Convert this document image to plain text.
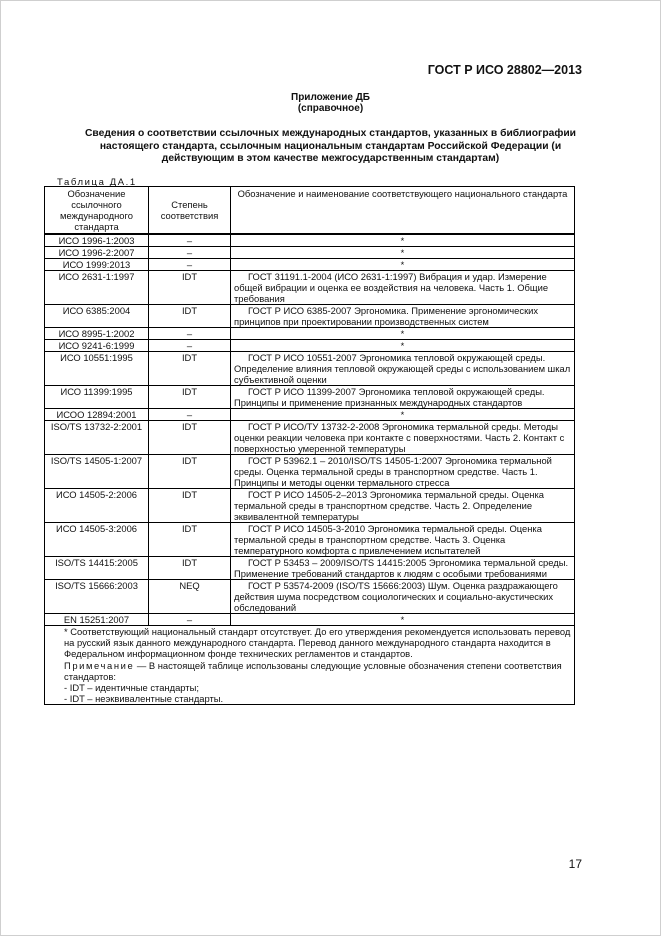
ГОСТ Р ИСО 28802—2013
Приложение ДБ
(справочное)
Сведения о соответствии ссылочных международных стандартов, указанных в библиографии
настоящего стандарта, ссылочным национальным стандартам Российской Федерации (и
действующим в этом качестве межгосударственным стандартам)
Таблица ДА.1
Обозначение ссылочного международного стандарта	Степень соответствия	Обозначение и наименование соответствующего национального стандарта
ИСО 1996-1:2003	–	*
ИСО 1996-2:2007	–	*
ИСО 1999:2013	–	*
ИСО 2631-1:1997	IDT	ГОСТ 31191.1-2004 (ИСО 2631-1:1997) Вибрация и удар. Измерение общей вибрации и оценка ее воздействия на человека. Часть 1. Общие требования
ИСО 6385:2004	IDT	ГОСТ Р ИСО 6385-2007 Эргономика. Применение эргономических принципов при проектировании производственных систем
ИСО 8995-1:2002	–	*
ИСО 9241-6:1999	–	*
ИСО 10551:1995	IDT	ГОСТ Р ИСО 10551-2007 Эргономика тепловой окружающей среды. Определение влияния тепловой окружающей среды с использованием шкал субъективной оценки
ИСО 11399:1995	IDT	ГОСТ Р ИСО 11399-2007 Эргономика тепловой окружающей среды. Принципы и применение признанных международных стандартов
ИСОО 12894:2001	–	*
ISO/TS 13732-2:2001	IDT	ГОСТ Р ИСО/ТУ 13732-2-2008 Эргономика термальной среды. Методы оценки реакции человека при контакте с поверхностями. Часть 2. Контакт с поверхностью умеренной температуры
ISO/TS 14505-1:2007	IDT	ГОСТ Р 53962.1 – 2010/ISO/TS 14505-1:2007 Эргономика термальной среды. Оценка термальной среды в транспортном средстве. Часть 1. Принципы и методы оценки термального стресса
ИСО 14505-2:2006	IDT	ГОСТ Р ИСО 14505-2–2013 Эргономика термальной среды. Оценка термальной среды в транспортном средстве. Часть 2. Определение эквивалентной температуры
ИСО 14505-3:2006	IDT	ГОСТ Р ИСО 14505-3-2010 Эргономика термальной среды. Оценка термальной среды в транспортном средстве. Часть 3. Оценка температурного комфорта с привлечением испытателей
ISO/TS 14415:2005	IDT	ГОСТ Р 53453 – 2009/ISO/TS 14415:2005 Эргономика термальной среды. Применение требований стандартов к людям с особыми требованиями
ISO/TS 15666:2003	NEQ	ГОСТ Р 53574-2009 (ISO/TS 15666:2003) Шум. Оценка раздражающего действия шума посредством социологических и социально-акустических обследований
EN 15251:2007	–	*

* Соответствующий национальный стандарт отсутствует. До его утверждения рекомендуется использовать перевод на русский язык данного международного стандарта. Перевод данного международного стандарта находится в Федеральном информационном фонде технических регламентов и стандартов.

Примечание — В настоящей таблице использованы следующие условные обозначения степени соответствия стандартов:

- IDT – идентичные стандарты;

- IDT – неэквивалентные стандарты.		

17
